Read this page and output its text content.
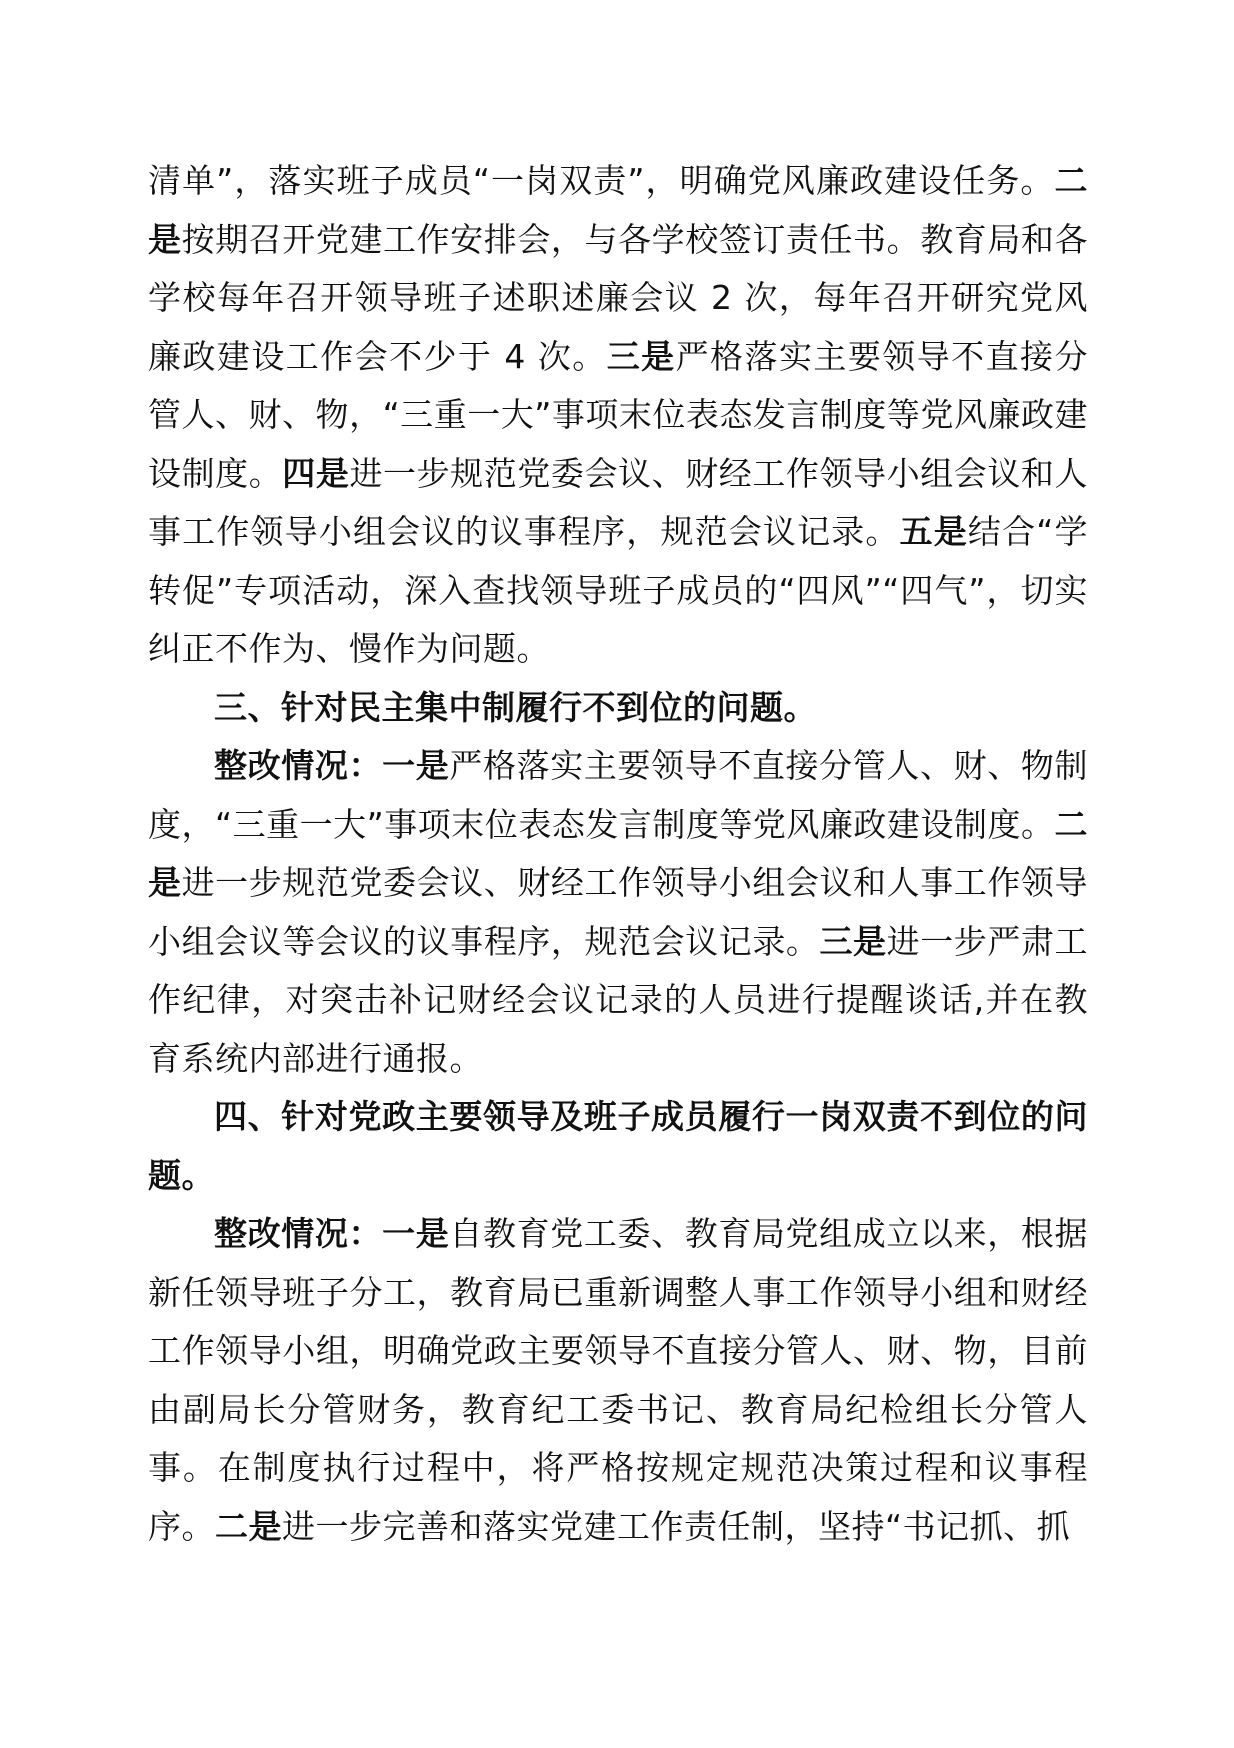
清单”，落实班子成员“一岗双责”，明确党风廉政建设任务。二是按期召开党建工作安排会，与各学校签订责任书。教育局和各学校每年召开领导班子述职述廉会议 2 次，每年召开研究党风廉政建设工作会不少于 4 次。三是严格落实主要领导不直接分管人、财、物，“三重一大”事项末位表态发言制度等党风廉政建设制度。四是进一步规范党委会议、财经工作领导小组会议和人事工作领导小组会议的议事程序，规范会议记录。五是结合“学转促”专项活动，深入查找领导班子成员的“四风”“四气”，切实纠正不作为、慢作为问题。

三、针对民主集中制履行不到位的问题。

整改情况：一是严格落实主要领导不直接分管人、财、物制度，“三重一大”事项末位表态发言制度等党风廉政建设制度。二是进一步规范党委会议、财经工作领导小组会议和人事工作领导小组会议等会议的议事程序，规范会议记录。三是进一步严肃工作纪律，对突击补记财经会议记录的人员进行提醒谈话,并在教育系统内部进行通报。

四、针对党政主要领导及班子成员履行一岗双责不到位的问题。

整改情况：一是自教育党工委、教育局党组成立以来，根据新任领导班子分工，教育局已重新调整人事工作领导小组和财经工作领导小组，明确党政主要领导不直接分管人、财、物，目前由副局长分管财务，教育纪工委书记、教育局纪检组长分管人事。在制度执行过程中，将严格按规定规范决策过程和议事程序。二是进一步完善和落实党建工作责任制，坚持“书记抓、抓
